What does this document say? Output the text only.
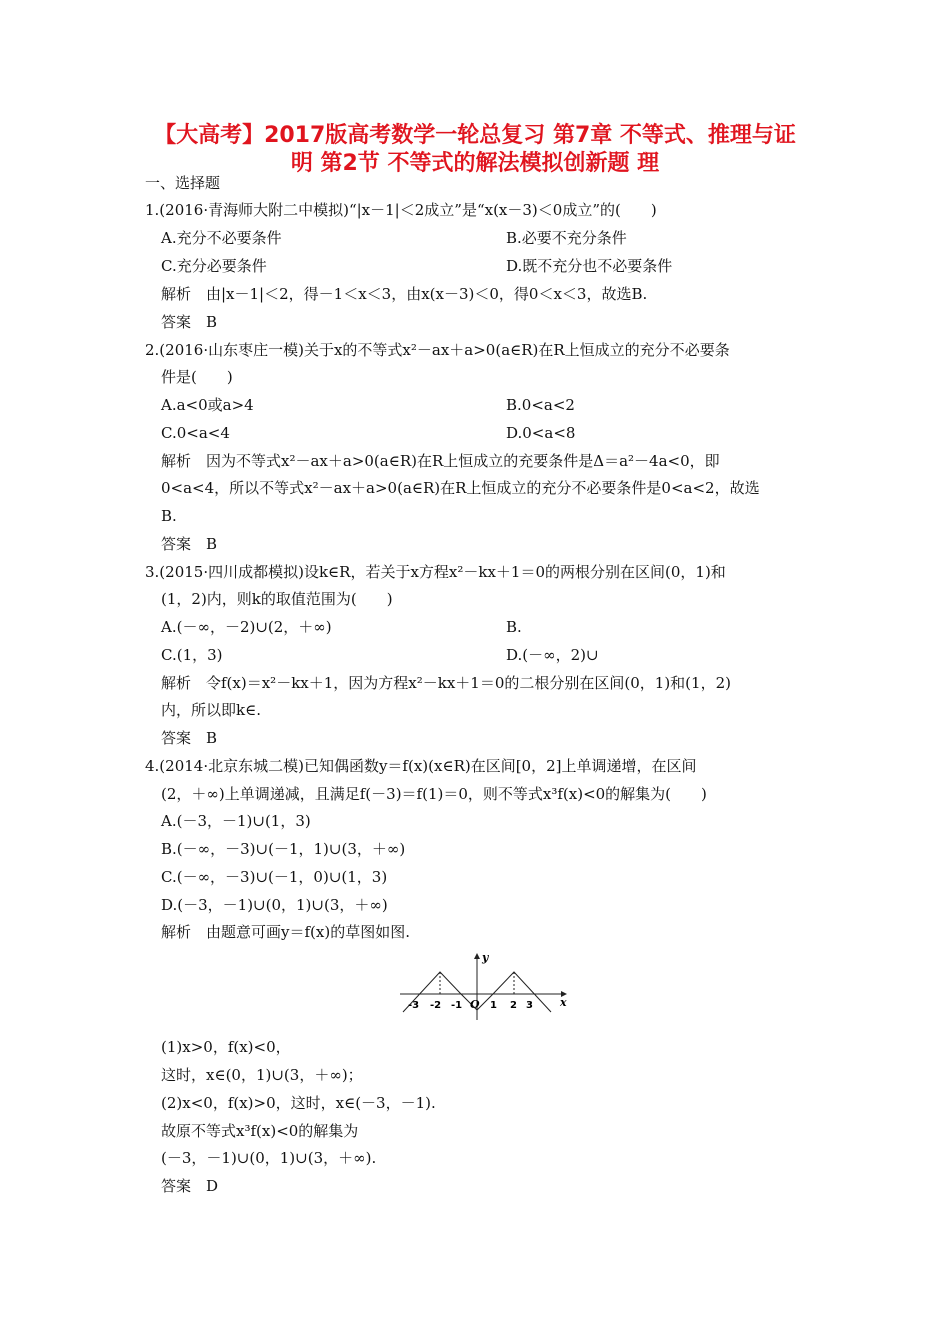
【大高考】2017版高考数学一轮总复习 第7章 不等式、推理与证
明 第2节 不等式的解法模拟创新题 理
一、选择题
1.(2016·青海师大附二中模拟)“|x－1|＜2成立”是“x(x－3)＜0成立”的(　　)
A.充分不必要条件	B.必要不充分条件
C.充分必要条件	D.既不充分也不必要条件
解析　由|x－1|＜2，得－1＜x＜3，由x(x－3)＜0，得0＜x＜3，故选B.
答案　B
2.(2016·山东枣庄一模)关于x的不等式x²－ax＋a>0(a∈R)在R上恒成立的充分不必要条
件是(　　)
A.a<0或a>4	B.0<a<2
C.0<a<4	D.0<a<8
解析　因为不等式x²－ax＋a>0(a∈R)在R上恒成立的充要条件是Δ＝a²－4a<0，即
0<a<4，所以不等式x²－ax＋a>0(a∈R)在R上恒成立的充分不必要条件是0<a<2，故选
B.
答案　B
3.(2015·四川成都模拟)设k∈R，若关于x方程x²－kx＋1＝0的两根分别在区间(0，1)和
(1，2)内，则k的取值范围为(　　)
A.(－∞，－2)∪(2，＋∞)	B.
C.(1，3)	D.(－∞，2)∪
解析　令f(x)＝x²－kx＋1，因为方程x²－kx＋1＝0的二根分别在区间(0，1)和(1，2)
内，所以即k∈.
答案　B
4.(2014·北京东城二模)已知偶函数y＝f(x)(x∈R)在区间[0，2]上单调递增，在区间
(2，＋∞)上单调递减，且满足f(－3)＝f(1)＝0，则不等式x³f(x)<0的解集为(　　)
A.(－3，－1)∪(1，3)
B.(－∞，－3)∪(－1，1)∪(3，＋∞)
C.(－∞，－3)∪(－1，0)∪(1，3)
D.(－3，－1)∪(0，1)∪(3，＋∞)
解析　由题意可画y＝f(x)的草图如图.
y
x
O
-3 -2 -1	1 2 3
(1)x>0，f(x)<0，
这时，x∈(0，1)∪(3，＋∞)；
(2)x<0，f(x)>0，这时，x∈(－3，－1).
故原不等式x³f(x)<0的解集为
(－3，－1)∪(0，1)∪(3，＋∞).
答案　D
